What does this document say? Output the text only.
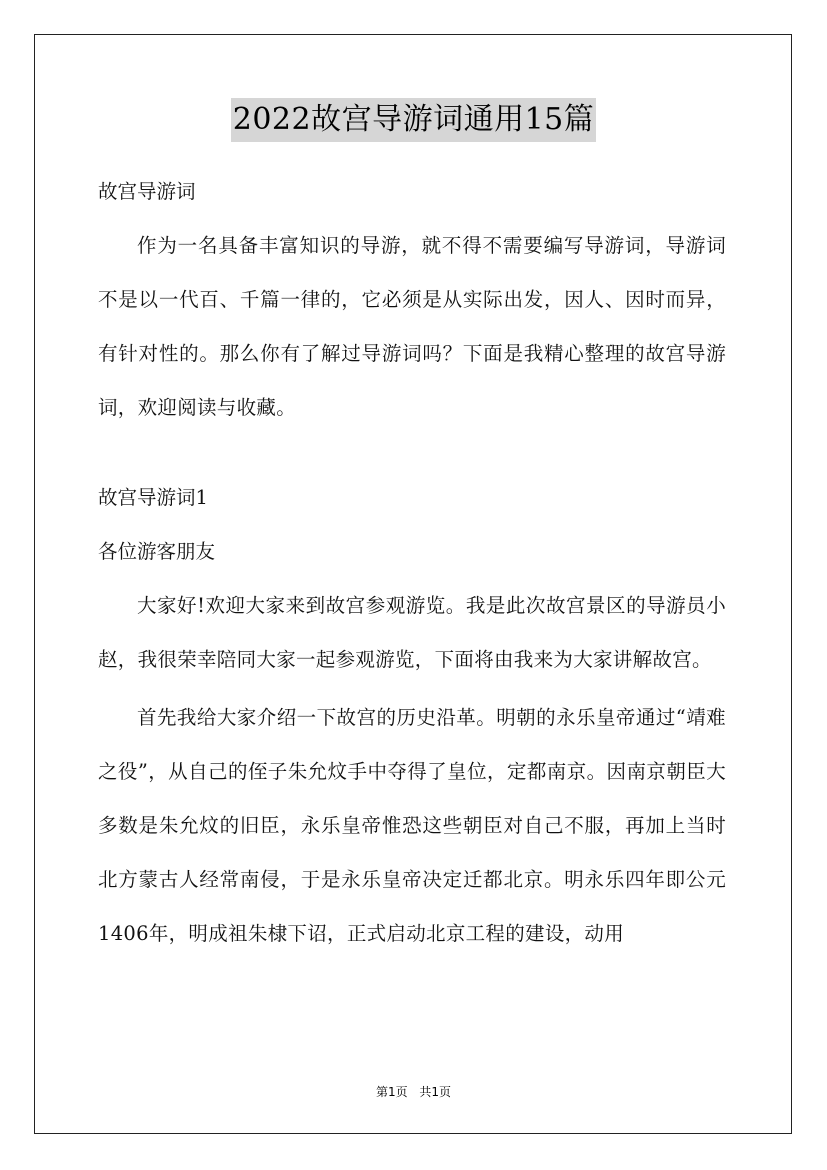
2022故宫导游词通用15篇

故宫导游词

作为一名具备丰富知识的导游，就不得不需要编写导游词，导游词不是以一代百、千篇一律的，它必须是从实际出发，因人、因时而异，有针对性的。那么你有了解过导游词吗？下面是我精心整理的故宫导游词，欢迎阅读与收藏。

故宫导游词1

各位游客朋友

大家好!欢迎大家来到故宫参观游览。我是此次故宫景区的导游员小赵，我很荣幸陪同大家一起参观游览，下面将由我来为大家讲解故宫。

首先我给大家介绍一下故宫的历史沿革。明朝的永乐皇帝通过“靖难之役”，从自己的侄子朱允炆手中夺得了皇位，定都南京。因南京朝臣大多数是朱允炆的旧臣，永乐皇帝惟恐这些朝臣对自己不服，再加上当时北方蒙古人经常南侵，于是永乐皇帝决定迁都北京。明永乐四年即公元1406年，明成祖朱棣下诏，正式启动北京工程的建设，动用

第1页 共1页
